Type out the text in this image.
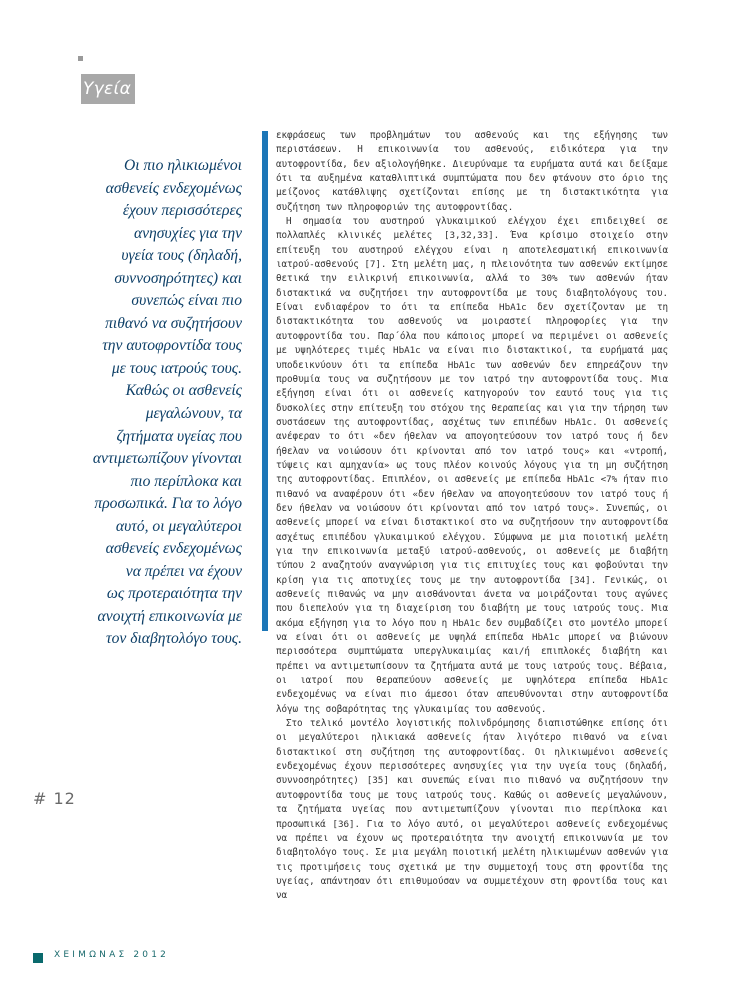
Υγεία
Οι πιο ηλικιωμένοι
ασθενείς ενδεχομένως
έχουν περισσότερες
ανησυχίες για την
υγεία τους (δηλαδή,
συννοσηρότητες) και
συνεπώς είναι πιο
πιθανό να συζητήσουν
την αυτοφροντίδα τους
με τους ιατρούς τους.
Καθώς οι ασθενείς
μεγαλώνουν, τα
ζητήματα υγείας που
αντιμετωπίζουν γίνονται
πιο περίπλοκα και
προσωπικά. Για το λόγο
αυτό, οι μεγαλύτεροι
ασθενείς ενδεχομένως
να πρέπει να έχουν
ως προτεραιότητα την
ανοιχτή επικοινωνία με
τον διαβητολόγο τους.
# 12

εκφράσεως των προβλημάτων του ασθενούς και της εξήγησης των περιστάσεων. Η επικοινωνία του ασθενούς, ειδικότερα για την αυτοφροντίδα, δεν αξιολογήθηκε. Διευρύναμε τα ευρήματα αυτά και δείξαμε ότι τα αυξημένα καταθλιπτικά συμπτώματα που δεν φτάνουν στο όριο της μείζονος κατάθλιψης σχετίζονται επίσης με τη διστακτικότητα για συζήτηση των πληροφοριών της αυτοφροντίδας.

Η σημασία του αυστηρού γλυκαιμικού ελέγχου έχει επιδειχθεί σε πολλαπλές κλινικές μελέτες [3,32,33]. Ένα κρίσιμο στοιχείο στην επίτευξη του αυστηρού ελέγχου είναι η αποτελεσματική επικοινωνία ιατρού-ασθενούς [7]. Στη μελέτη μας, η πλειονότητα των ασθενών εκτίμησε θετικά την ειλικρινή επικοινωνία, αλλά το 30% των ασθενών ήταν διστακτικά να συζητήσει την αυτοφροντίδα με τους διαβητολόγους του. Είναι ενδιαφέρον το ότι τα επίπεδα HbA1c δεν σχετίζονταν με τη διστακτικότητα του ασθενούς να μοιραστεί πληροφορίες για την αυτοφροντίδα του. Παρ΄όλα που κάποιος μπορεί να περιμένει οι ασθενείς με υψηλότερες τιμές HbA1c να είναι πιο διστακτικοί, τα ευρήματά μας υποδεικνύουν ότι τα επίπεδα HbA1c των ασθενών δεν επηρεάζουν την προθυμία τους να συζητήσουν με τον ιατρό την αυτοφροντίδα τους. Μια εξήγηση είναι ότι οι ασθενείς κατηγορούν τον εαυτό τους για τις δυσκολίες στην επίτευξη του στόχου της θεραπείας και για την τήρηση των συστάσεων της αυτοφροντίδας, ασχέτως των επιπέδων HbA1c. Οι ασθενείς ανέφεραν το ότι «δεν ήθελαν να απογοητεύσουν τον ιατρό τους ή δεν ήθελαν να νοιώσουν ότι κρίνονται από τον ιατρό τους» και «ντροπή, τύψεις και αμηχανία» ως τους πλέον κοινούς λόγους για τη μη συζήτηση της αυτοφροντίδας. Επιπλέον, οι ασθενείς με επίπεδα HbA1c <7% ήταν πιο πιθανό να αναφέρουν ότι «δεν ήθελαν να απογοητεύσουν τον ιατρό τους ή δεν ήθελαν να νοιώσουν ότι κρίνονται από τον ιατρό τους». Συνεπώς, οι ασθενείς μπορεί να είναι διστακτικοί στο να συζητήσουν την αυτοφροντίδα ασχέτως επιπέδου γλυκαιμικού ελέγχου. Σύμφωνα με μια ποιοτική μελέτη για την επικοινωνία μεταξύ ιατρού-ασθενούς, οι ασθενείς με διαβήτη τύπου 2 αναζητούν αναγνώριση για τις επιτυχίες τους και φοβούνται την κρίση για τις αποτυχίες τους με την αυτοφροντίδα [34]. Γενικώς, οι ασθενείς πιθανώς να μην αισθάνονται άνετα να μοιράζονται τους αγώνες που διεπελούν για τη διαχείριση του διαβήτη με τους ιατρούς τους. Μια ακόμα εξήγηση για το λόγο που η HbA1c δεν συμβαδίζει στο μοντέλο μπορεί να είναι ότι οι ασθενείς με υψηλά επίπεδα HbA1c μπορεί να βιώνουν περισσότερα συμπτώματα υπεργλυκαιμίας και/ή επιπλοκές διαβήτη και πρέπει να αντιμετωπίσουν τα ζητήματα αυτά με τους ιατρούς τους. Βέβαια, οι ιατροί που θεραπεύουν ασθενείς με υψηλότερα επίπεδα HbA1c ενδεχομένως να είναι πιο άμεσοι όταν απευθύνονται στην αυτοφροντίδα λόγω της σοβαρότητας της γλυκαιμίας του ασθενούς.

Στο τελικό μοντέλο λογιστικής πολινδρόμησης διαπιστώθηκε επίσης ότι οι μεγαλύτεροι ηλικιακά ασθενείς ήταν λιγότερο πιθανό να είναι διστακτικοί στη συζήτηση της αυτοφροντίδας. Οι ηλικιωμένοι ασθενείς ενδεχομένως έχουν περισσότερες ανησυχίες για την υγεία τους (δηλαδή, συννοσηρότητες) [35] και συνεπώς είναι πιο πιθανό να συζητήσουν την αυτοφροντίδα τους με τους ιατρούς τους. Καθώς οι ασθενείς μεγαλώνουν, τα ζητήματα υγείας που αντιμετωπίζουν γίνονται πιο περίπλοκα και προσωπικά [36]. Για το λόγο αυτό, οι μεγαλύτεροι ασθενείς ενδεχομένως να πρέπει να έχουν ως προτεραιότητα την ανοιχτή επικοινωνία με τον διαβητολόγο τους. Σε μια μεγάλη ποιοτική μελέτη ηλικιωμένων ασθενών για τις προτιμήσεις τους σχετικά με την συμμετοχή τους στη φροντίδα της υγείας, απάντησαν ότι επιθυμούσαν να συμμετέχουν στη φροντίδα τους και να

ΧΕΙΜΩΝΑΣ 2012
